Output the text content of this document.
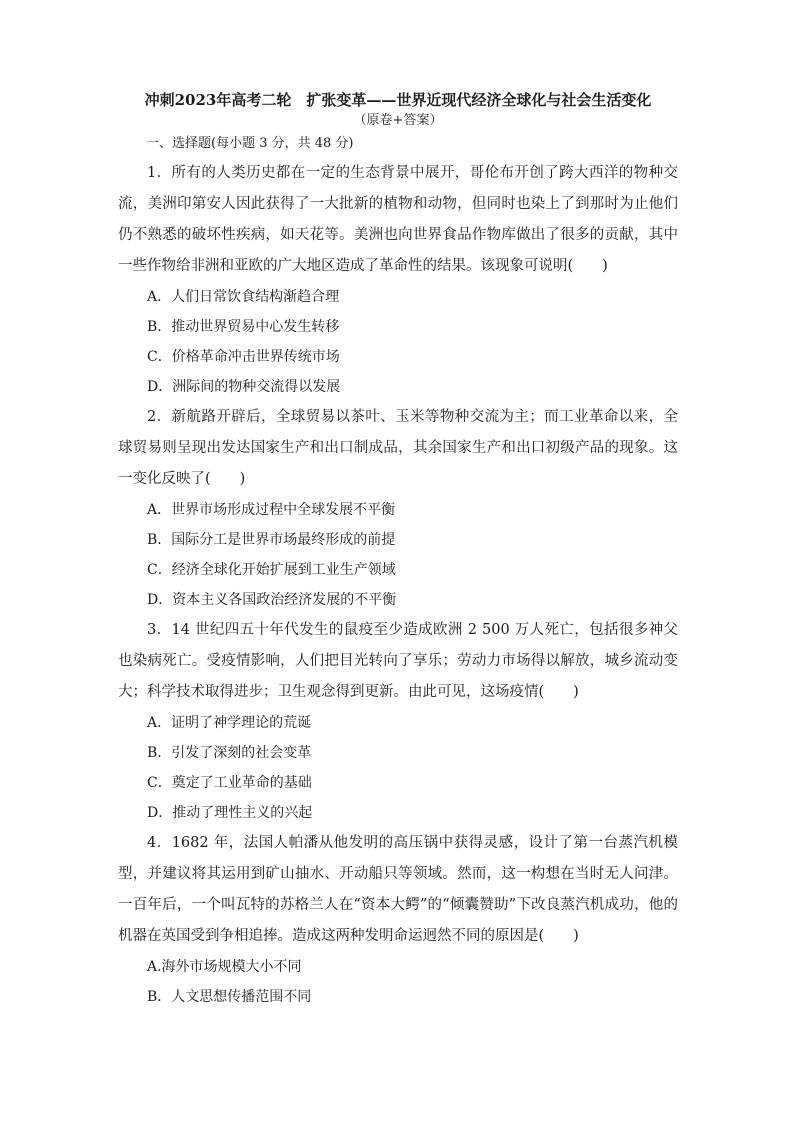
冲刺2023年高考二轮　扩张变革——世界近现代经济全球化与社会生活变化
（原卷+答案）
一、选择题(每小题 3 分，共 48 分)

1．所有的人类历史都在一定的生态背景中展开，哥伦布开创了跨大西洋的物种交流，美洲印第安人因此获得了一大批新的植物和动物，但同时也染上了到那时为止他们仍不熟悉的破坏性疾病，如天花等。美洲也向世界食品作物库做出了很多的贡献，其中一些作物给非洲和亚欧的广大地区造成了革命性的结果。该现象可说明(　　)

A．人们日常饮食结构渐趋合理
B．推动世界贸易中心发生转移
C．价格革命冲击世界传统市场
D．洲际间的物种交流得以发展

2．新航路开辟后，全球贸易以茶叶、玉米等物种交流为主；而工业革命以来，全球贸易则呈现出发达国家生产和出口制成品，其余国家生产和出口初级产品的现象。这一变化反映了(　　)

A．世界市场形成过程中全球发展不平衡
B．国际分工是世界市场最终形成的前提
C．经济全球化开始扩展到工业生产领域
D．资本主义各国政治经济发展的不平衡

3．14 世纪四五十年代发生的鼠疫至少造成欧洲 2 500 万人死亡，包括很多神父也染病死亡。受疫情影响，人们把目光转向了享乐；劳动力市场得以解放，城乡流动变大；科学技术取得进步；卫生观念得到更新。由此可见，这场疫情(　　)

A．证明了神学理论的荒诞
B．引发了深刻的社会变革
C．奠定了工业革命的基础
D．推动了理性主义的兴起

4．1682 年，法国人帕潘从他发明的高压锅中获得灵感，设计了第一台蒸汽机模型，并建议将其运用到矿山抽水、开动船只等领域。然而，这一构想在当时无人问津。一百年后，一个叫瓦特的苏格兰人在“资本大鳄”的“倾囊赞助”下改良蒸汽机成功，他的机器在英国受到争相追捧。造成这两种发明命运迥然不同的原因是(　　)

A.海外市场规模大小不同
B．人文思想传播范围不同
